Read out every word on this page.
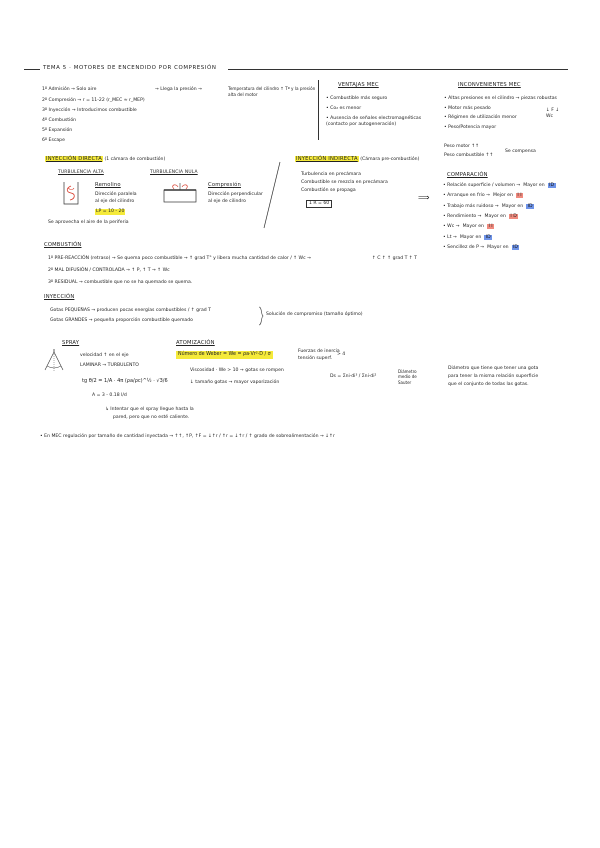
TEMA 5 · MOTORES DE ENCENDIDO POR COMPRESIÓN
1º Admisión → Solo aire	→ Llega la presión →	Temperatura del cilindro ↑ Tª y la presión alta del motor
2º Compresión → r = 11-22 (r_MEC ≈ r_MEP)
3º Inyección → Introducimos combustible
4º Combustión
5º Expansión
6º Escape
VENTAJAS MEC
• Combustible más seguro
• Co₂ es menor
• Ausencia de señales electromagnéticas (contacto por autogeneración)
INCONVENIENTES MEC
• Altas presiones en el cilindro → piezas robustas
• Motor más pesado
• Régimen de utilización menor
• Peso/Potencia mayor
↓ F ↓ Wc
Peso motor ↑↑
Peso combustible ↑↑
Se compensa
INYECCIÓN DIRECTA (1 cámara de combustión)
TURBULENCIA ALTA	TURBULENCIA NULA
Remolino
Dirección paralela
al eje del cilindro
LP = 10 - 20
Se aprovecha el aire de la periferia
Compresión
Dirección perpendicular
al eje de cilindro
INYECCIÓN INDIRECTA (Cámara pre-combustión)
Turbulencia en precámara
Combustible se mezcla en precámara
Combustión se propaga
1 R = 60
COMPARACIÓN
⟹
• Relación superficie / volumen → Mayor en ID
• Arranque en frío → Mejor en I I
• Trabajo más ruidoso → Mayor en ID
• Rendimiento → Mayor en I D
• Wc → Mayor en I I
• Lt → Mayor en ID
• Sencillez de P → Mayor en ID
COMBUSTIÓN
1º PRE-REACCIÓN (retraso) → Se quema poco combustible → ↑ grad T° y libera mucha cantidad de calor / ↑ Wc →	↑ C ↑ ↑ grad T ↑ T
2º MAL DIFUSIÓN / CONTROLADA → ↑ P, ↑ T → ↑ Wc
3º RESIDUAL → combustible que no se ha quemado se quema.
INYECCIÓN
Gotas PEQUEÑAS → producen pocas energías combustibles / ↑ grad T
Gotas GRANDES → pequeña proporción combustible quemado
Solución de compromiso (tamaño óptimo)
SPRAY
velocidad ↑ en el eje
LAMINAR → TURBULENTO
tg θ/2 = 1/A · 4π (ρa/ρc)^½ · √3/6
A = 3 - 0.18 l/d
↳ Intentar que el spray llegue hasta la
pared, pero que no esté caliente.
ATOMIZACIÓN
Número de Weber = We = ρa·Vr²·D / σ
Fuerzas de inercia
tensión superf.
> 4
Viscosidad · We > 10 → gotas se rompen
↓ tamaño gotas → mayor vaporización
Ds = Σni·di³ / Σni·di²
Diámetro medio de Sauter
Diámetro que tiene que tener una gota
para tener la misma relación superficie
que el conjunto de todas las gotas.
• En MEC regulación por tamaño de cantidad inyectada → ↑↑, ↑P, ↑F = ↓↑r / ↑r = ↓↑r / ↑ grado de sobrealimentación → ↓↑r
